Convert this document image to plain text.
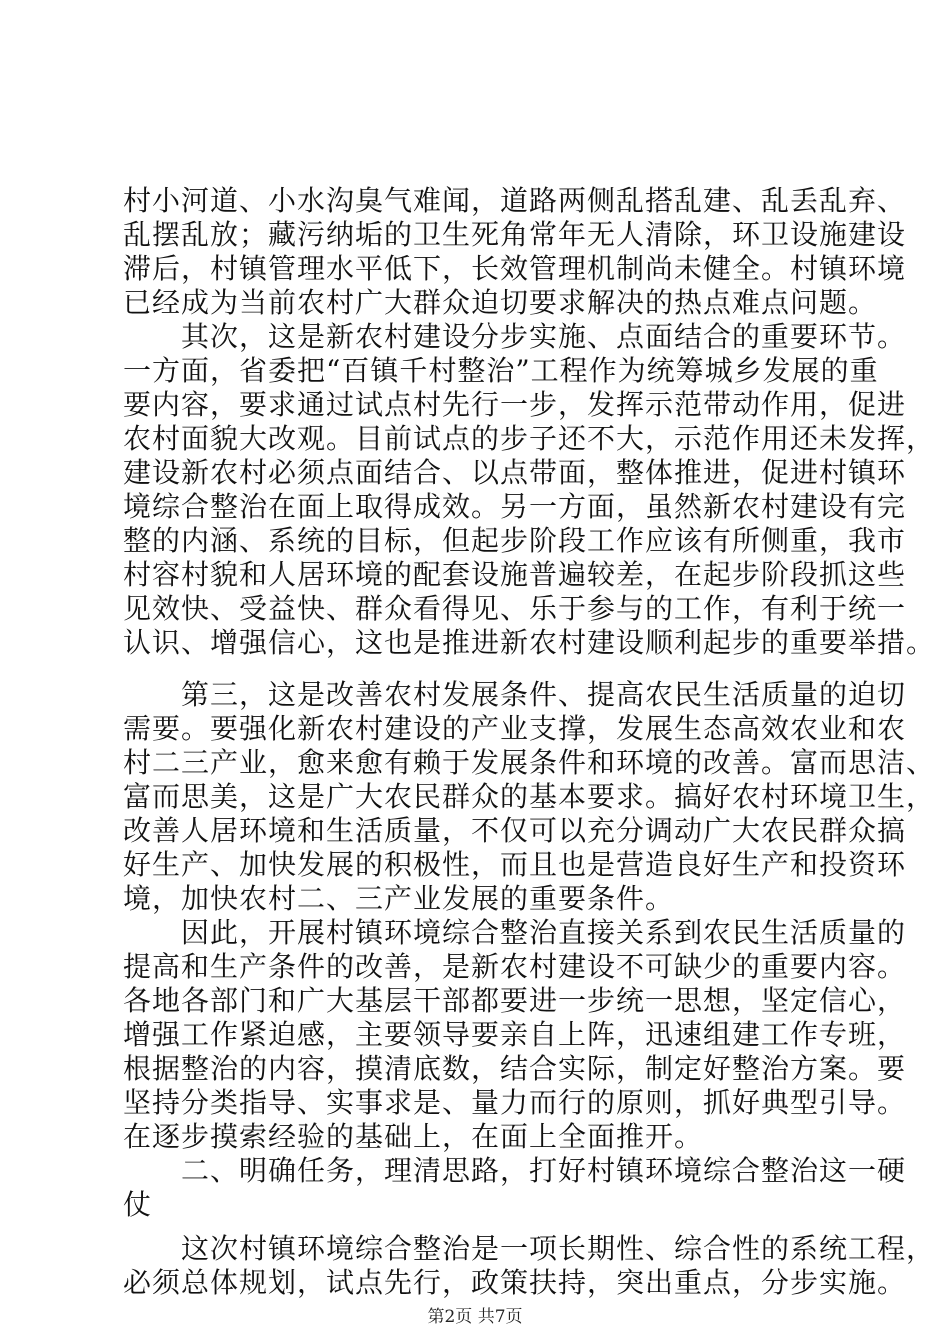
村小河道、小水沟臭气难闻，道路两侧乱搭乱建、乱丢乱弃、
乱摆乱放；藏污纳垢的卫生死角常年无人清除，环卫设施建设
滞后，村镇管理水平低下，长效管理机制尚未健全。村镇环境
已经成为当前农村广大群众迫切要求解决的热点难点问题。
其次，这是新农村建设分步实施、点面结合的重要环节。
一方面，省委把“百镇千村整治”工程作为统筹城乡发展的重
要内容，要求通过试点村先行一步，发挥示范带动作用，促进
农村面貌大改观。目前试点的步子还不大，示范作用还未发挥，
建设新农村必须点面结合、以点带面，整体推进，促进村镇环
境综合整治在面上取得成效。另一方面，虽然新农村建设有完
整的内涵、系统的目标，但起步阶段工作应该有所侧重，我市
村容村貌和人居环境的配套设施普遍较差，在起步阶段抓这些
见效快、受益快、群众看得见、乐于参与的工作，有利于统一
认识、增强信心，这也是推进新农村建设顺利起步的重要举措。
第三，这是改善农村发展条件、提高农民生活质量的迫切
需要。要强化新农村建设的产业支撑，发展生态高效农业和农
村二三产业，愈来愈有赖于发展条件和环境的改善。富而思洁、
富而思美，这是广大农民群众的基本要求。搞好农村环境卫生，
改善人居环境和生活质量，不仅可以充分调动广大农民群众搞
好生产、加快发展的积极性，而且也是营造良好生产和投资环
境，加快农村二、三产业发展的重要条件。
因此，开展村镇环境综合整治直接关系到农民生活质量的
提高和生产条件的改善，是新农村建设不可缺少的重要内容。
各地各部门和广大基层干部都要进一步统一思想，坚定信心，
增强工作紧迫感，主要领导要亲自上阵，迅速组建工作专班，
根据整治的内容，摸清底数，结合实际，制定好整治方案。要
坚持分类指导、实事求是、量力而行的原则，抓好典型引导。
在逐步摸索经验的基础上，在面上全面推开。
二、明确任务，理清思路，打好村镇环境综合整治这一硬
仗
这次村镇环境综合整治是一项长期性、综合性的系统工程，
必须总体规划，试点先行，政策扶持，突出重点，分步实施。
第2页 共7页
